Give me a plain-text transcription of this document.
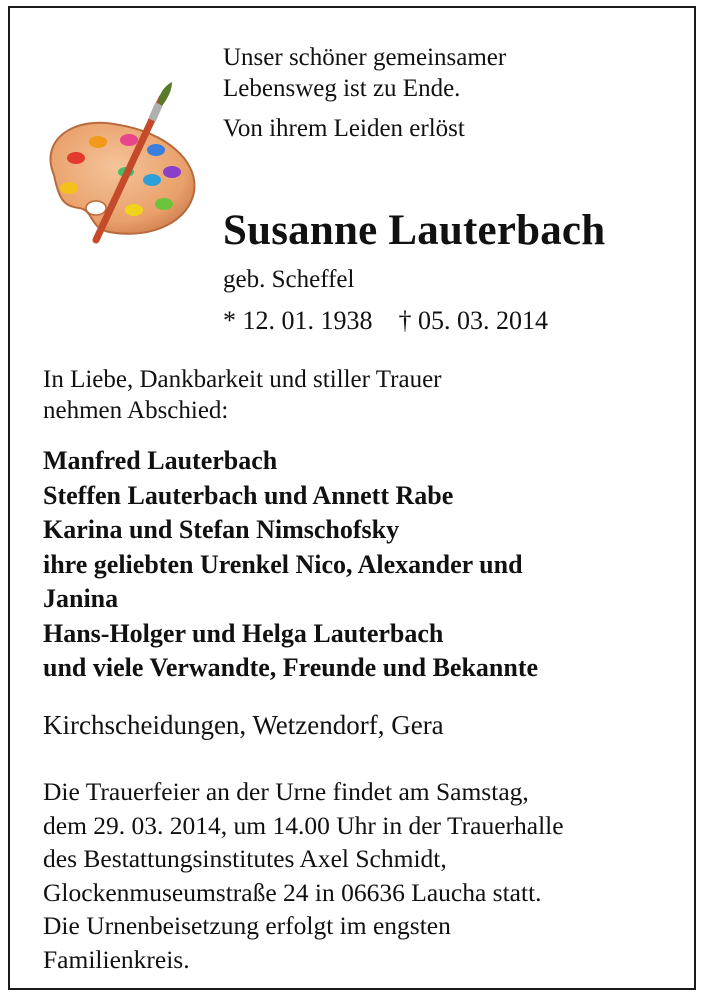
Unser schöner gemeinsamer
Lebensweg ist zu Ende.
Von ihrem Leiden erlöst
Susanne Lauterbach
geb. Scheffel
* 12. 01. 1938 † 05. 03. 2014
In Liebe, Dankbarkeit und stiller Trauer
nehmen Abschied:
Manfred Lauterbach
Steffen Lauterbach und Annett Rabe
Karina und Stefan Nimschofsky
ihre geliebten Urenkel Nico, Alexander und
Janina
Hans-Holger und Helga Lauterbach
und viele Verwandte, Freunde und Bekannte
Kirchscheidungen, Wetzendorf, Gera
Die Trauerfeier an der Urne findet am Samstag,
dem 29. 03. 2014, um 14.00 Uhr in der Trauerhalle
des Bestattungsinstitutes Axel Schmidt,
Glockenmuseumstraße 24 in 06636 Laucha statt.
Die Urnenbeisetzung erfolgt im engsten
Familienkreis.
